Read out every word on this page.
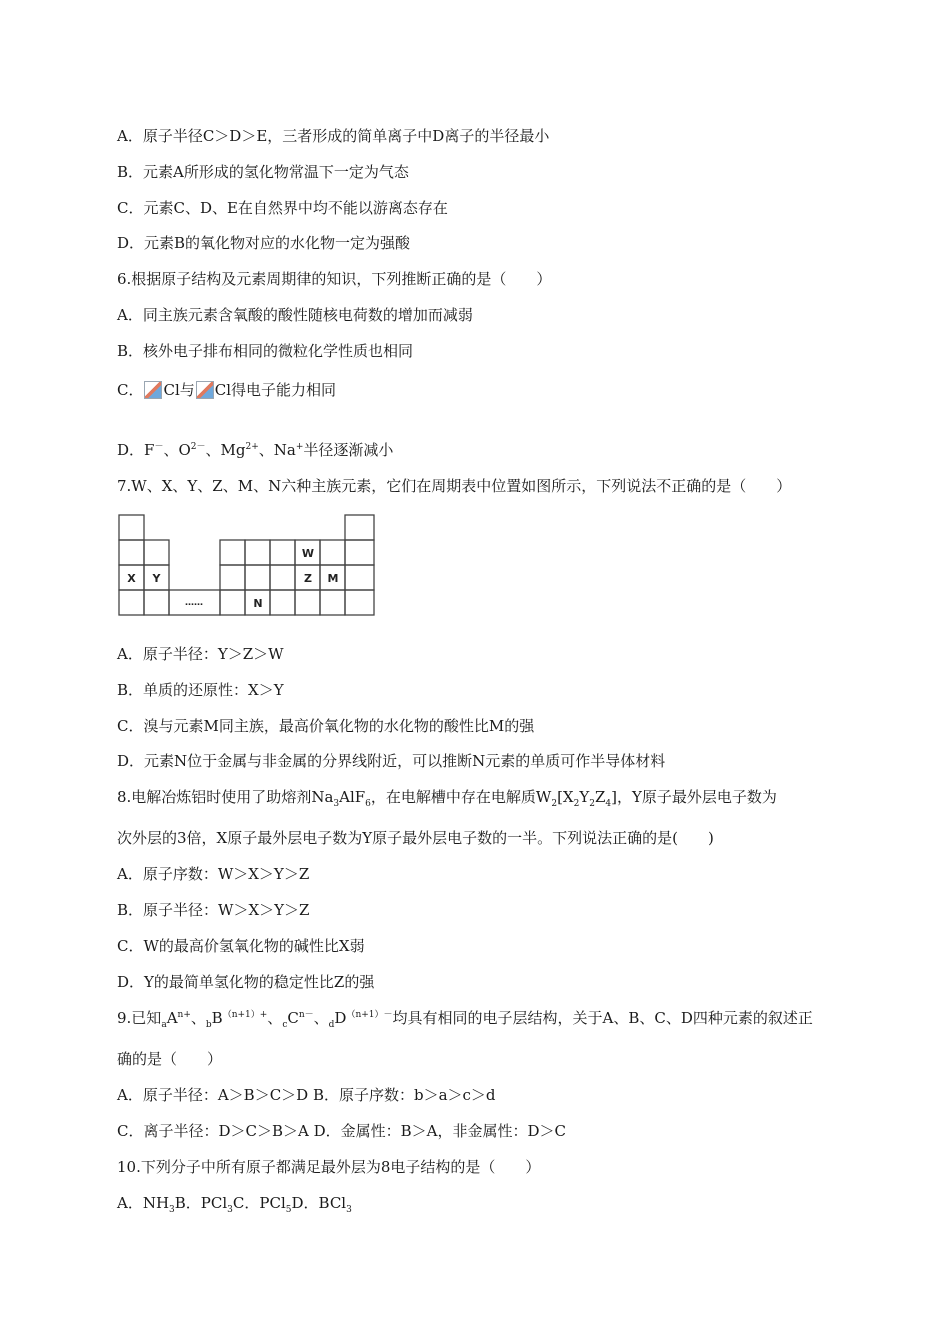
A．原子半径C＞D＞E，三者形成的简单离子中D离子的半径最小
B．元素A所形成的氢化物常温下一定为气态
C．元素C、D、E在自然界中均不能以游离态存在
D．元素B的氧化物对应的水化物一定为强酸
6.根据原子结构及元素周期律的知识，下列推断正确的是（　　）
A．同主族元素含氧酸的酸性随核电荷数的增加而减弱
B．核外电子排布相同的微粒化学性质也相同
C． Cl与 Cl得电子能力相同
D．F－、$O^{2-}$、$Mg^{2+}$、Na+半径逐渐减小
7.W、X、Y、Z、M、N六种主族元素，它们在周期表中位置如图所示，下列说法不正确的是（　　）
W
X Y	Z M
N
……
A．原子半径：Y＞Z＞W
B．单质的还原性：X＞Y
C．溴与元素M同主族，最高价氧化物的水化物的酸性比M的强
D．元素N位于金属与非金属的分界线附近，可以推断N元素的单质可作半导体材料
8.电解冶炼铝时使用了助熔剂$Na_3AlF_6$，在电解槽中存在电解质$W_2[X_2Y_2Z_4]$，Y原子最外层电子数为
次外层的3倍，X原子最外层电子数为Y原子最外层电子数的一半。下列说法正确的是(　　)
A．原子序数：W＞X＞Y＞Z
B．原子半径：W＞X＞Y＞Z
C．W的最高价氢氧化物的碱性比X弱
D．Y的最简单氢化物的稳定性比Z的强
9.已知$_aA^{n+}$、$_bB^{(n+1)+}$、$_cC^{n-}$、$_dD^{(n+1)-}$均具有相同的电子层结构，关于A、B、C、D四种元素的叙述正
确的是（　　）
A．原子半径：A＞B＞C＞D B．原子序数：b＞a＞c＞d
C．离子半径：D＞C＞B＞A D．金属性：B＞A，非金属性：D＞C
10.下列分子中所有原子都满足最外层为8电子结构的是（　　）
A．$NH_3B$．PCl$_3$C．PCl$_5$D．BCl$_3$
